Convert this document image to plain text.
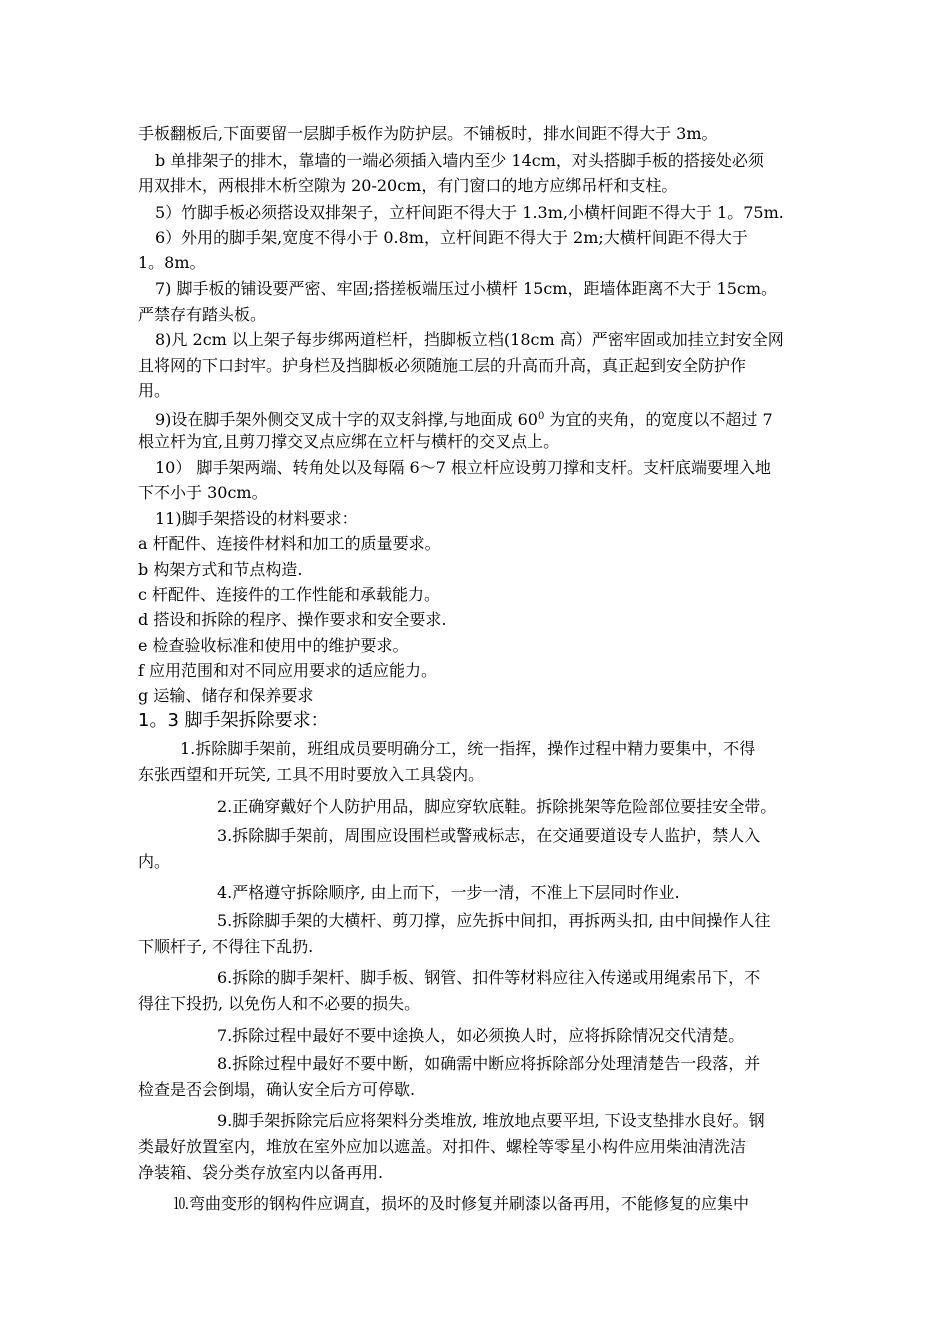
手板翻板后,下面要留一层脚手板作为防护层。不铺板时，排水间距不得大于 3m。
b 单排架子的排木，靠墙的一端必须插入墙内至少 14cm，对头搭脚手板的搭接处必须
用双排木，两根排木析空隙为 20-20cm，有门窗口的地方应绑吊杆和支柱。
5）竹脚手板必须搭设双排架子，立杆间距不得大于 1.3m,小横杆间距不得大于 1。75m.
6）外用的脚手架,宽度不得小于 0.8m，立杆间距不得大于 2m;大横杆间距不得大于
1。8m。
7) 脚手板的铺设要严密、牢固;搭搓板端压过小横杆 15cm，距墙体距离不大于 15cm。
严禁存有踏头板。
8)凡 2cm 以上架子每步绑两道栏杆，挡脚板立档(18cm 高）严密牢固或加挂立封安全网
且将网的下口封牢。护身栏及挡脚板必须随施工层的升高而升高，真正起到安全防护作
用。
9)设在脚手架外侧交叉成十字的双支斜撑,与地面成 $60^0$ 为宜的夹角，的宽度以不超过 7
根立杆为宜,且剪刀撑交叉点应绑在立杆与横杆的交叉点上。
10） 脚手架两端、转角处以及每隔 6～7 根立杆应设剪刀撑和支杆。支杆底端要埋入地
下不小于 30cm。
11)脚手架搭设的材料要求：
a 杆配件、连接件材料和加工的质量要求。
b 构架方式和节点构造.
c 杆配件、连接件的工作性能和承载能力。
d 搭设和拆除的程序、操作要求和安全要求.
e 检查验收标准和使用中的维护要求。
f 应用范围和对不同应用要求的适应能力。
g 运输、储存和保养要求
1。3 脚手架拆除要求：
1.拆除脚手架前，班组成员要明确分工，统一指挥，操作过程中精力要集中，不得
东张西望和开玩笑, 工具不用时要放入工具袋内。
2.正确穿戴好个人防护用品，脚应穿软底鞋。拆除挑架等危险部位要挂安全带。
3.拆除脚手架前，周围应设围栏或警戒标志，在交通要道设专人监护，禁人入
内。
4.严格遵守拆除顺序, 由上而下，一步一清，不准上下层同时作业.
5.拆除脚手架的大横杆、剪刀撑，应先拆中间扣，再拆两头扣, 由中间操作人往
下顺杆子, 不得往下乱扔.
6.拆除的脚手架杆、脚手板、钢管、扣件等材料应往入传递或用绳索吊下，不
得往下投扔, 以免伤人和不必要的损失。
7.拆除过程中最好不要中途换人，如必须换人时，应将拆除情况交代清楚。
8.拆除过程中最好不要中断，如确需中断应将拆除部分处理清楚告一段落，并
检查是否会倒塌，确认安全后方可停歇.
9.脚手架拆除完后应将架料分类堆放, 堆放地点要平坦, 下设支垫排水良好。钢
类最好放置室内，堆放在室外应加以遮盖。对扣件、螺栓等零星小构件应用柴油清洗洁
净装箱、袋分类存放室内以备再用.
⒑弯曲变形的钢构件应调直，损坏的及时修复并刷漆以备再用，不能修复的应集中
